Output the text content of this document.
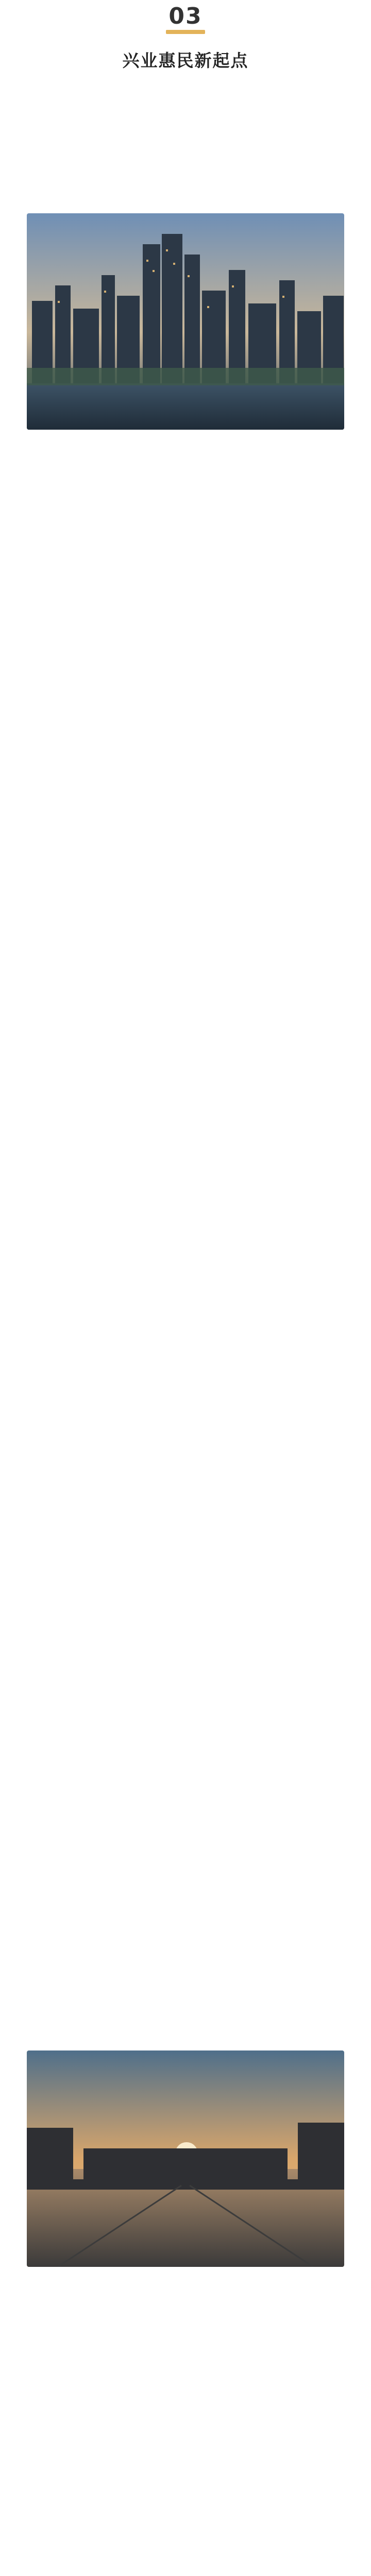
03
兴业惠民新起点
